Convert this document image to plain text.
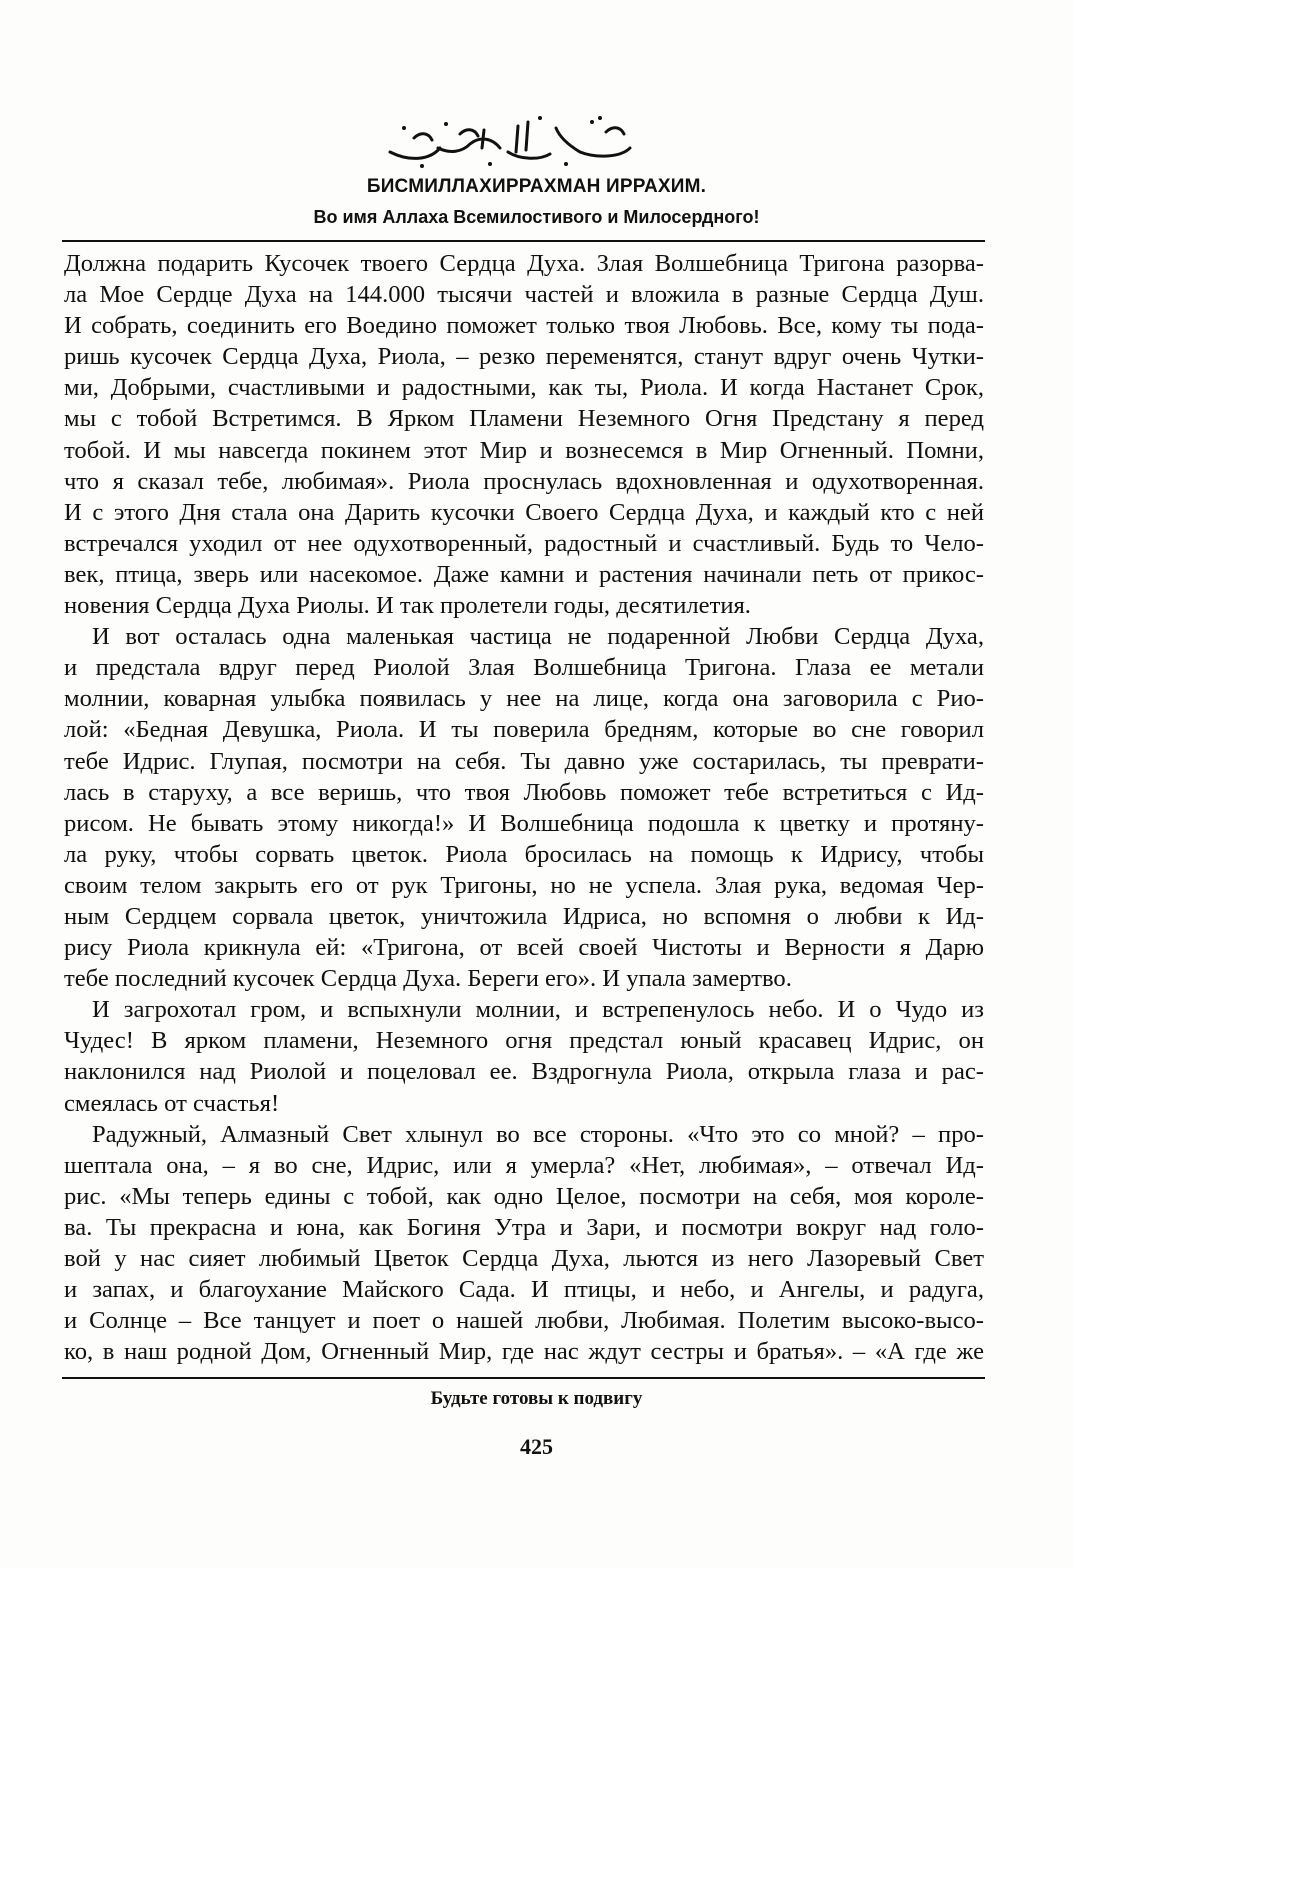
БИСМИЛЛАХИРРАХМАН ИРРАХИМ.
Во имя Аллаха Всемилостивого и Милосердного!

Должна подарить Кусочек твоего Сердца Духа. Злая Волшебница Тригона разорва-

ла Мое Сердце Духа на 144.000 тысячи частей и вложила в разные Сердца Душ.

И собрать, соединить его Воедино поможет только твоя Любовь. Все, кому ты пода-

ришь кусочек Сердца Духа, Риола, – резко переменятся, станут вдруг очень Чутки-

ми, Добрыми, счастливыми и радостными, как ты, Риола. И когда Настанет Срок,

мы с тобой Встретимся. В Ярком Пламени Неземного Огня Предстану я перед

тобой. И мы навсегда покинем этот Мир и вознесемся в Мир Огненный. Помни,

что я сказал тебе, любимая». Риола проснулась вдохновленная и одухотворенная.

И с этого Дня стала она Дарить кусочки Своего Сердца Духа, и каждый кто с ней

встречался уходил от нее одухотворенный, радостный и счастливый. Будь то Чело-

век, птица, зверь или насекомое. Даже камни и растения начинали петь от прикос-

новения Сердца Духа Риолы. И так пролетели годы, десятилетия.

И вот осталась одна маленькая частица не подаренной Любви Сердца Духа,

и предстала вдруг перед Риолой Злая Волшебница Тригона. Глаза ее метали

молнии, коварная улыбка появилась у нее на лице, когда она заговорила с Рио-

лой: «Бедная Девушка, Риола. И ты поверила бредням, которые во сне говорил

тебе Идрис. Глупая, посмотри на себя. Ты давно уже состарилась, ты преврати-

лась в старуху, а все веришь, что твоя Любовь поможет тебе встретиться с Ид-

рисом. Не бывать этому никогда!» И Волшебница подошла к цветку и протяну-

ла руку, чтобы сорвать цветок. Риола бросилась на помощь к Идрису, чтобы

своим телом закрыть его от рук Тригоны, но не успела. Злая рука, ведомая Чер-

ным Сердцем сорвала цветок, уничтожила Идриса, но вспомня о любви к Ид-

рису Риола крикнула ей: «Тригона, от всей своей Чистоты и Верности я Дарю

тебе последний кусочек Сердца Духа. Береги его». И упала замертво.

И загрохотал гром, и вспыхнули молнии, и встрепенулось небо. И о Чудо из

Чудес! В ярком пламени, Неземного огня предстал юный красавец Идрис, он

наклонился над Риолой и поцеловал ее. Вздрогнула Риола, открыла глаза и рас-

смеялась от счастья!

Радужный, Алмазный Свет хлынул во все стороны. «Что это со мной? – про-

шептала она, – я во сне, Идрис, или я умерла? «Нет, любимая», – отвечал Ид-

рис. «Мы теперь едины с тобой, как одно Целое, посмотри на себя, моя короле-

ва. Ты прекрасна и юна, как Богиня Утра и Зари, и посмотри вокруг над голо-

вой у нас сияет любимый Цветок Сердца Духа, льются из него Лазоревый Свет

и запах, и благоухание Майского Сада. И птицы, и небо, и Ангелы, и радуга,

и Солнце – Все танцует и поет о нашей любви, Любимая. Полетим высоко-высо-

ко, в наш родной Дом, Огненный Мир, где нас ждут сестры и братья». – «А где же

Будьте готовы к подвигу
425
